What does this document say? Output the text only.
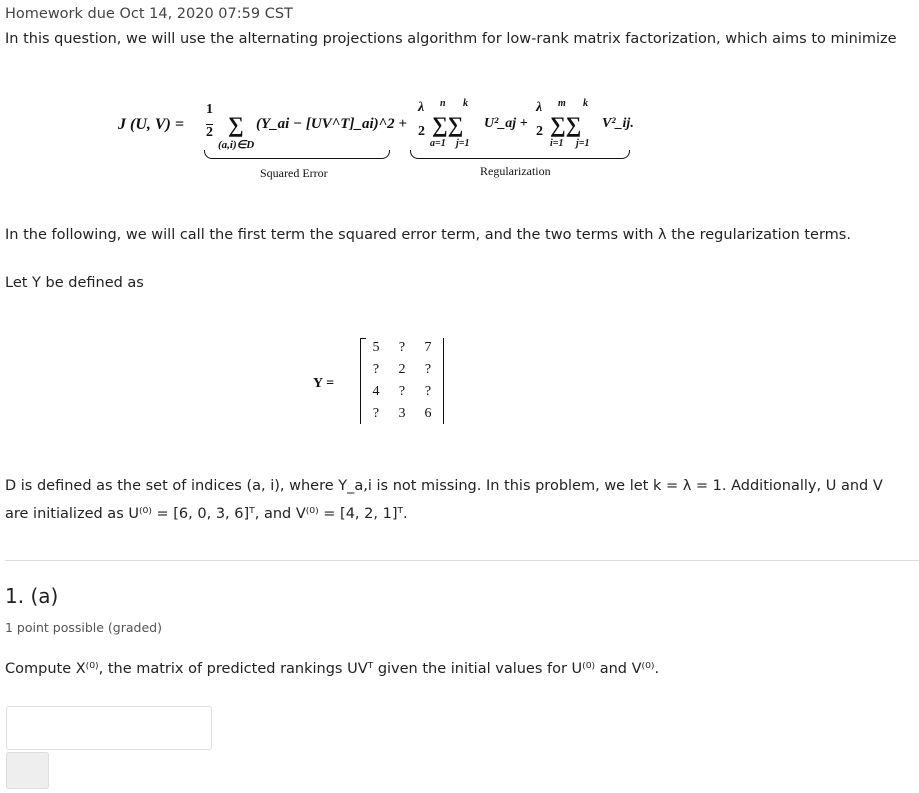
Homework due Oct 14, 2020 07:59 CST
In this question, we will use the alternating projections algorithm for low-rank matrix factorization, which aims to minimize
J (U, V) =
1
2 ∑
(a,i)∈D
(Y_ai − [UV^T]_ai)^2 +
λ
2 ∑∑
n k
a=1 j=1
U²_aj +
λ
2 ∑∑
m k
i=1 j=1
V²_ij.
Squared Error	Regularization
In the following, we will call the first term the squared error term, and the two terms with λ the regularization terms.
Let Y be defined as
Y =
5	?	7
?	2	?
4	?	?
?	3	6
D is defined as the set of indices (a, i), where Y_a,i is not missing. In this problem, we let k = λ = 1. Additionally, U and V
are initialized as U⁽⁰⁾ = [6, 0, 3, 6]ᵀ, and V⁽⁰⁾ = [4, 2, 1]ᵀ.
1. (a)
1 point possible (graded)
Compute X⁽⁰⁾, the matrix of predicted rankings UVᵀ given the initial values for U⁽⁰⁾ and V⁽⁰⁾.
